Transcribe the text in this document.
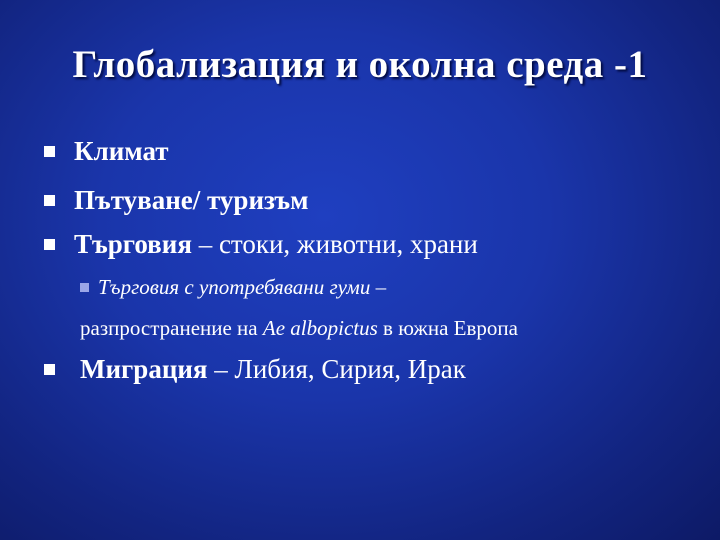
Глобализация и околна среда -1
Климат
Пътуване/ туризъм
Търговия – стоки, животни, храни
Търговия с употребявани гуми –
разпространение на Ae albopictus в южна Европа
Миграция – Либия, Сирия, Ирак
